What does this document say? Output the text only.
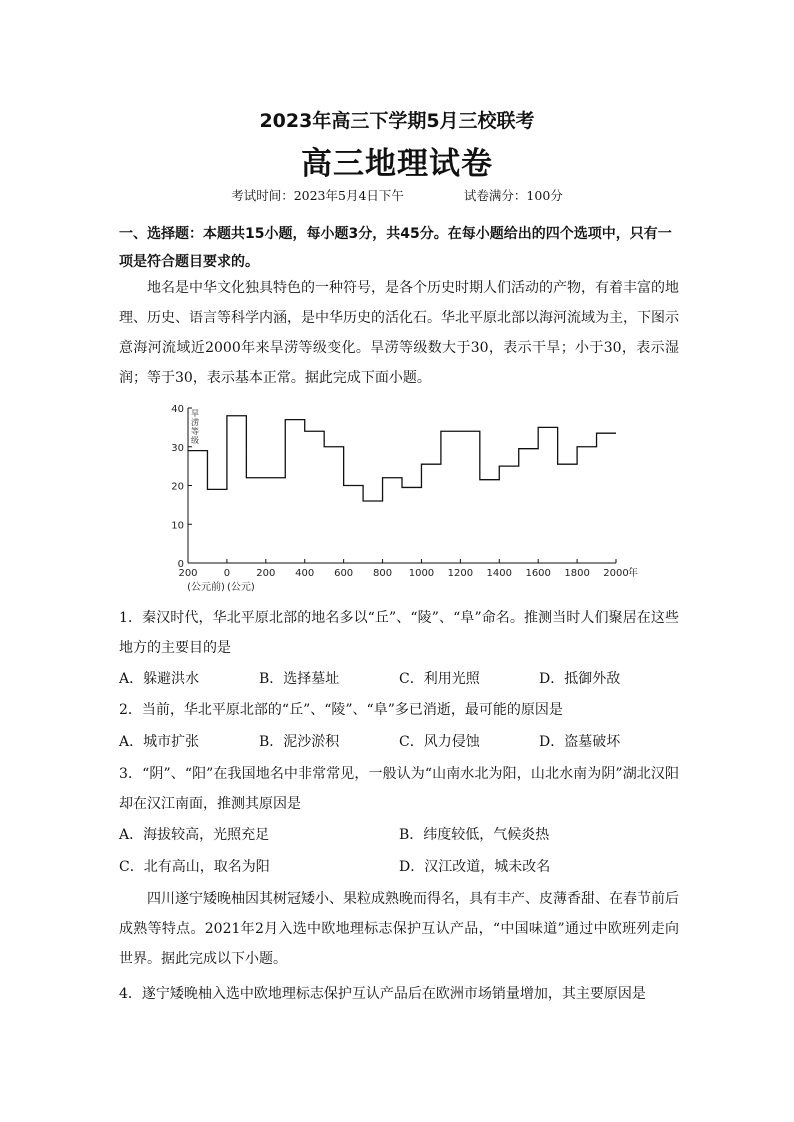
2023年高三下学期5月三校联考
高三地理试卷
考试时间：2023年5月4日下午	试卷满分：100分
一、选择题：本题共15小题，每小题3分，共45分。在每小题给出的四个选项中，只有一项是符合题目要求的。
地名是中华文化独具特色的一种符号，是各个历史时期人们活动的产物，有着丰富的地理、历史、语言等科学内涵，是中华历史的活化石。华北平原北部以海河流域为主，下图示意海河流域近2000年来旱涝等级变化。旱涝等级数大于30，表示干旱；小于30，表示湿润；等于30，表示基本正常。据此完成下面小题。
0
10
20
30
40
200	0	200 400 600 800 1000 1200 1400 1600 1800 2000 年
(公元前) (公元)
旱
涝
等
级
1．秦汉时代，华北平原北部的地名多以“丘”、“陵”、“阜”命名。推测当时人们聚居在这些地方的主要目的是
A．躲避洪水	B．选择墓址	C．利用光照	D．抵御外敌
2．当前，华北平原北部的“丘”、“陵”、“阜”多已消逝，最可能的原因是
A．城市扩张	B．泥沙淤积	C．风力侵蚀	D．盗墓破坏
3．“阴”、“阳”在我国地名中非常常见，一般认为“山南水北为阳，山北水南为阴”湖北汉阳却在汉江南面，推测其原因是
A．海拔较高，光照充足	B．纬度较低，气候炎热
C．北有高山，取名为阳	D．汉江改道，城未改名
四川遂宁矮晚柚因其树冠矮小、果粒成熟晚而得名，具有丰产、皮薄香甜、在春节前后成熟等特点。2021年2月入选中欧地理标志保护互认产品，“中国味道”通过中欧班列走向世界。据此完成以下小题。
4．遂宁矮晚柚入选中欧地理标志保护互认产品后在欧洲市场销量增加，其主要原因是
